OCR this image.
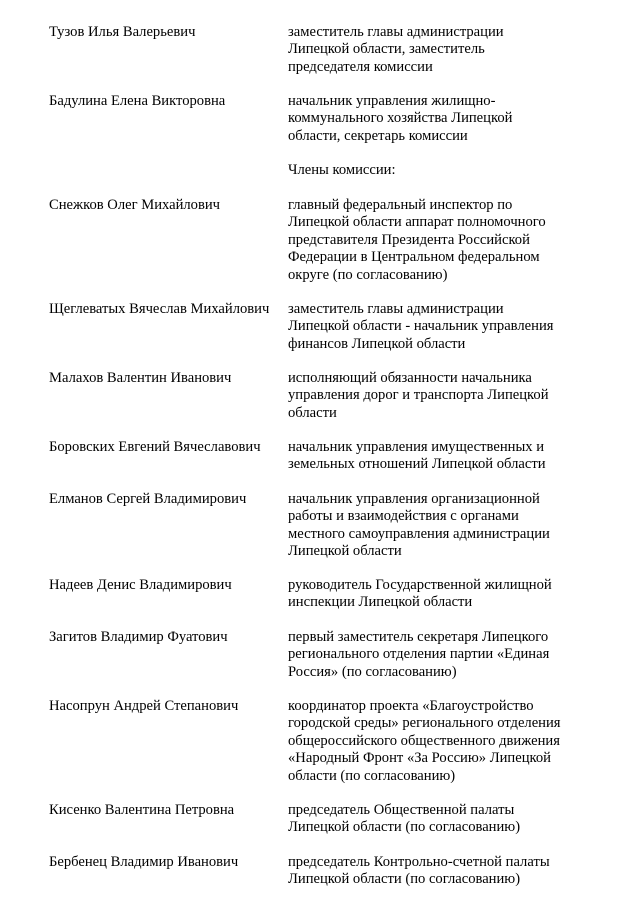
Тузов Илья Валерьевич	заместитель главы администрации
Липецкой области, заместитель
председателя комиссии
Бадулина Елена Викторовна	начальник управления жилищно-
коммунального хозяйства Липецкой
области, секретарь комиссии
Члены комиссии:
Снежков Олег Михайлович	главный федеральный инспектор по
Липецкой области аппарат полномочного
представителя Президента Российской
Федерации в Центральном федеральном
округе (по согласованию)
Щеглеватых Вячеслав Михайлович	заместитель главы администрации
Липецкой области - начальник управления
финансов Липецкой области
Малахов Валентин Иванович	исполняющий обязанности начальника
управления дорог и транспорта Липецкой
области
Боровских Евгений Вячеславович	начальник управления имущественных и
земельных отношений Липецкой области
Елманов Сергей Владимирович	начальник управления организационной
работы и взаимодействия с органами
местного самоуправления администрации
Липецкой области
Надеев Денис Владимирович	руководитель Государственной жилищной
инспекции Липецкой области
Загитов Владимир Фуатович	первый заместитель секретаря Липецкого
регионального отделения партии «Единая
Россия» (по согласованию)
Насопрун Андрей Степанович	координатор проекта «Благоустройство
городской среды» регионального отделения
общероссийского общественного движения
«Народный Фронт «За Россию» Липецкой
области (по согласованию)
Кисенко Валентина Петровна	председатель Общественной палаты
Липецкой области (по согласованию)
Бербенец Владимир Иванович	председатель Контрольно-счетной палаты
Липецкой области (по согласованию)
